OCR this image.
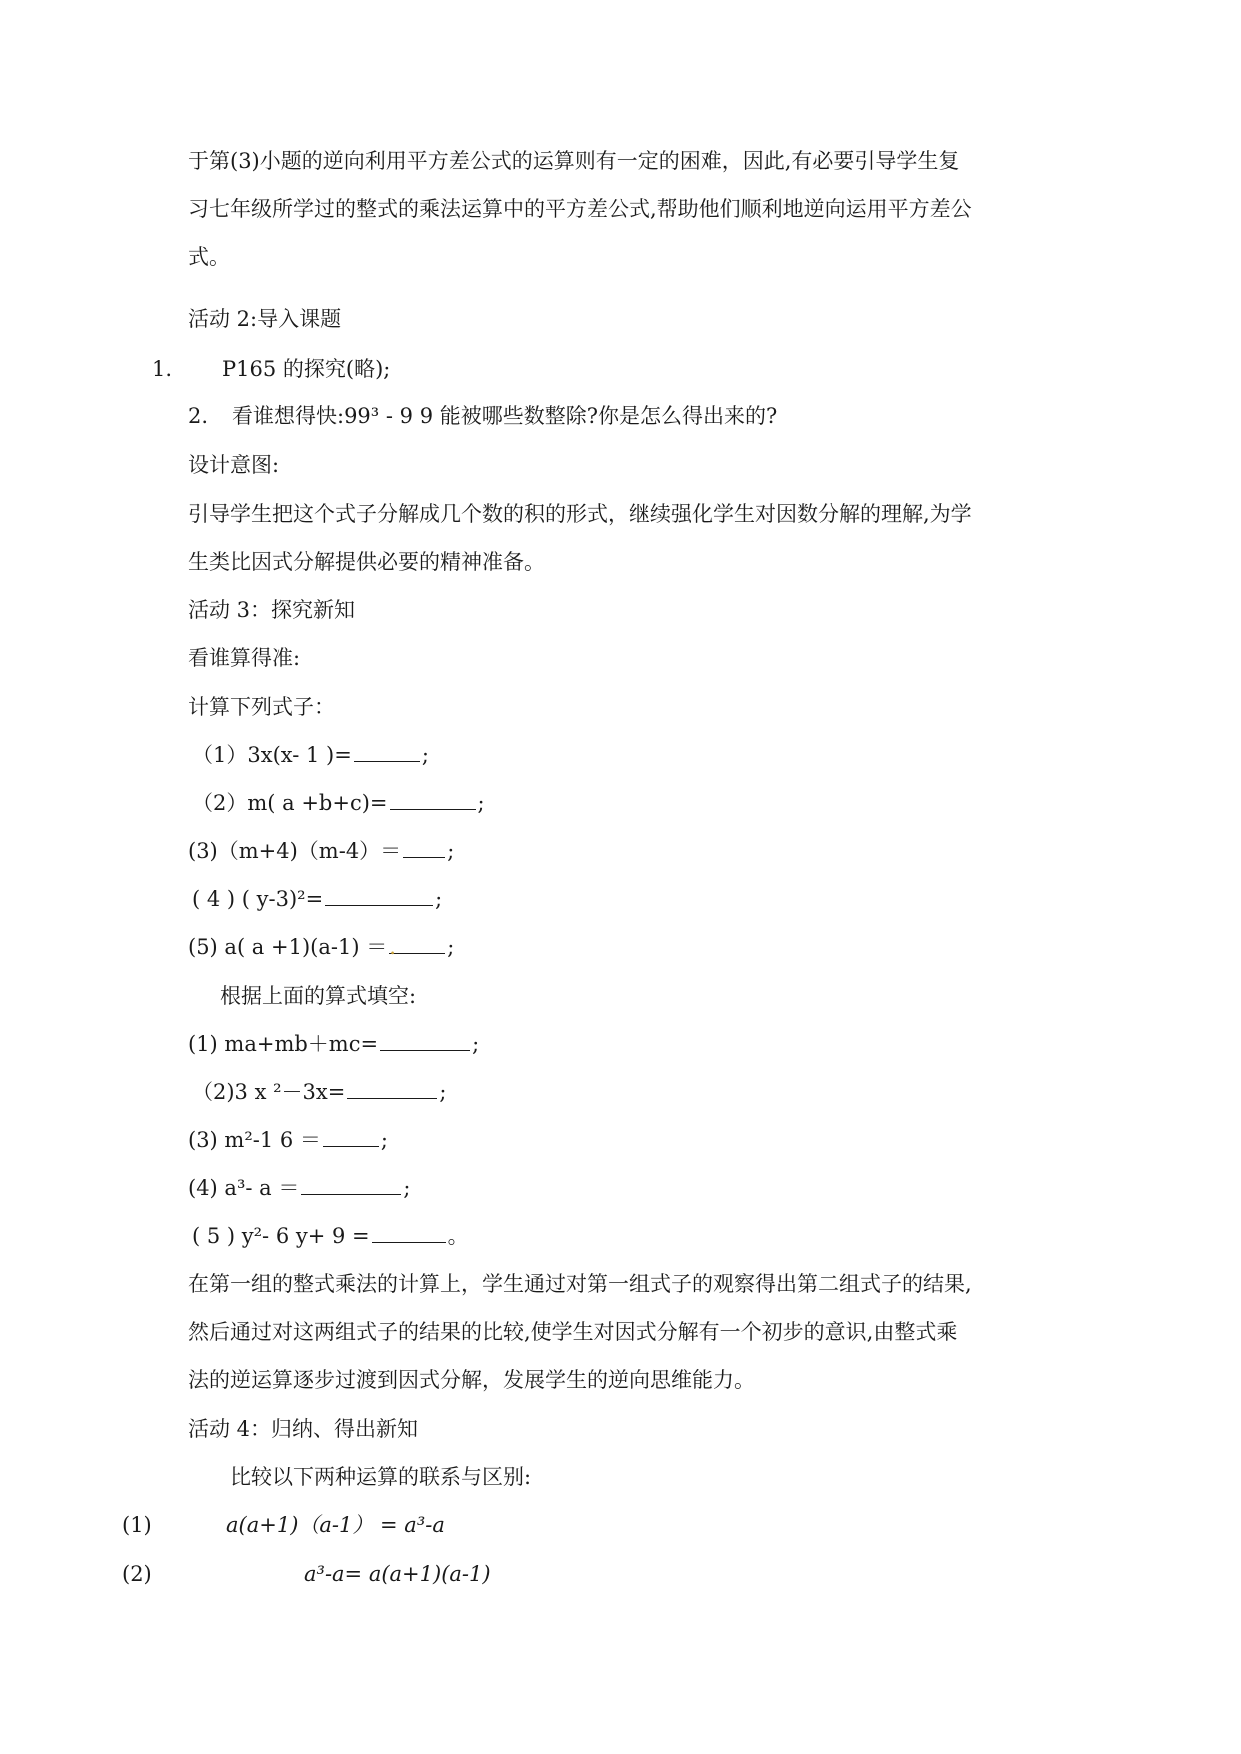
于第(3)小题的逆向利用平方差公式的运算则有一定的困难，因此,有必要引导学生复
习七年级所学过的整式的乘法运算中的平方差公式,帮助他们顺利地逆向运用平方差公
式。
活动 2:导入课题
1. P165 的探究(略);
2. 看谁想得快:99³ - 9 9 能被哪些数整除?你是怎么得出来的?
设计意图:
引导学生把这个式子分解成几个数的积的形式，继续强化学生对因数分解的理解,为学
生类比因式分解提供必要的精神准备。
活动 3：探究新知
看谁算得准:
计算下列式子：
（1）3x(x- 1 )=	;
（2）m( a +b+c)=	;
(3)（m+4)（m-4）＝ ;
( 4 ) ( y-3)²=	;
(5) a( a +1)(a-1) ＝. ;
根据上面的算式填空:
(1) ma+mb＋mc=	;
（2)3 x ²－3x=	;
(3) m²-1 6 ＝	;
(4) a³- a ＝	;
( 5 ) y²- 6 y+ 9 =	。
在第一组的整式乘法的计算上，学生通过对第一组式子的观察得出第二组式子的结果,
然后通过对这两组式子的结果的比较,使学生对因式分解有一个初步的意识,由整式乘
法的逆运算逐步过渡到因式分解，发展学生的逆向思维能力。
活动 4：归纳、得出新知
比较以下两种运算的联系与区别:
(1)	a(a+1)（a-1） = a³-a
(2)	a³-a= a(a+1)(a-1)
